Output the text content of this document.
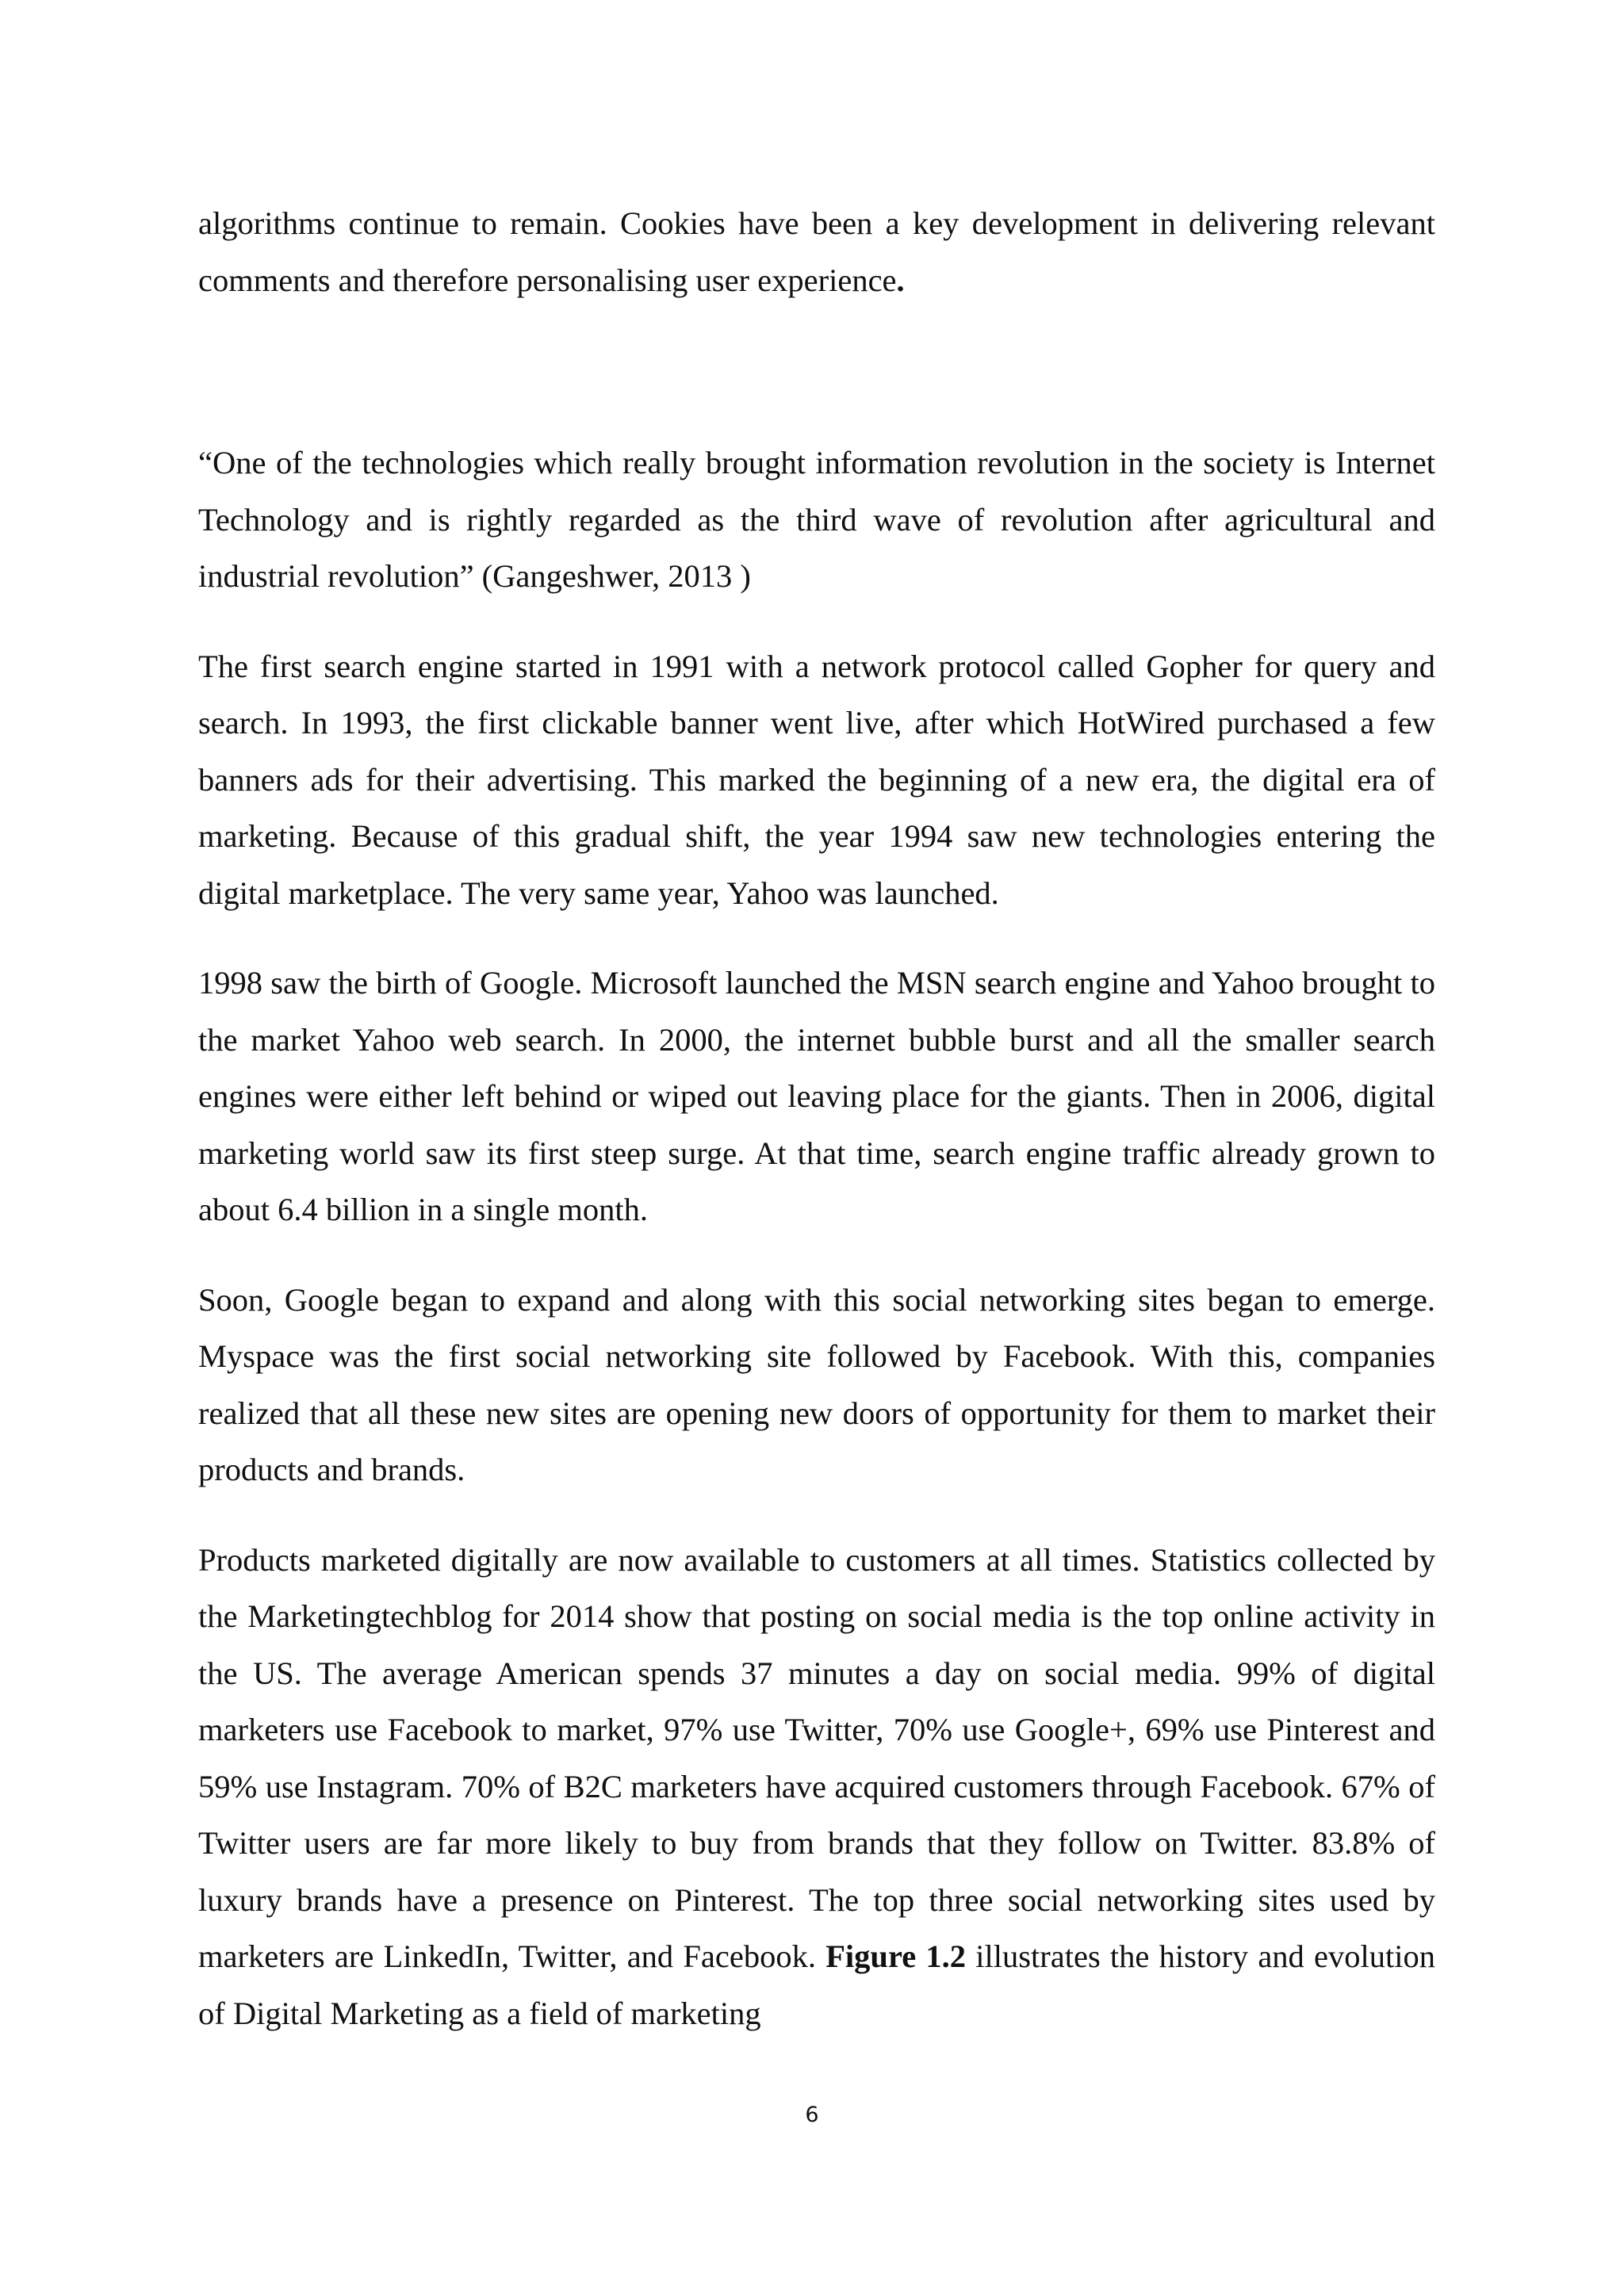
algorithms continue to remain. Cookies have been a key development in delivering relevant comments and therefore personalising user experience.

“One of the technologies which really brought information revolution in the society is Internet Technology and is rightly regarded as the third wave of revolution after agricultural and industrial revolution” (Gangeshwer, 2013 )

The first search engine started in 1991 with a network protocol called Gopher for query and search. In 1993, the first clickable banner went live, after which HotWired purchased a few banners ads for their advertising. This marked the beginning of a new era, the digital era of marketing. Because of this gradual shift, the year 1994 saw new technologies entering the digital marketplace. The very same year, Yahoo was launched.

1998 saw the birth of Google. Microsoft launched the MSN search engine and Yahoo brought to the market Yahoo web search. In 2000, the internet bubble burst and all the smaller search engines were either left behind or wiped out leaving place for the giants. Then in 2006, digital marketing world saw its first steep surge. At that time, search engine traffic already grown to about 6.4 billion in a single month.

Soon, Google began to expand and along with this social networking sites began to emerge. Myspace was the first social networking site followed by Facebook. With this, companies realized that all these new sites are opening new doors of opportunity for them to market their products and brands.

Products marketed digitally are now available to customers at all times. Statistics collected by the Marketingtechblog for 2014 show that posting on social media is the top online activity in the US. The average American spends 37 minutes a day on social media. 99% of digital marketers use Facebook to market, 97% use Twitter, 70% use Google+, 69% use Pinterest and 59% use Instagram. 70% of B2C marketers have acquired customers through Facebook. 67% of Twitter users are far more likely to buy from brands that they follow on Twitter. 83.8% of luxury brands have a presence on Pinterest. The top three social networking sites used by marketers are LinkedIn, Twitter, and Facebook. Figure 1.2 illustrates the history and evolution of Digital Marketing as a field of marketing

6
